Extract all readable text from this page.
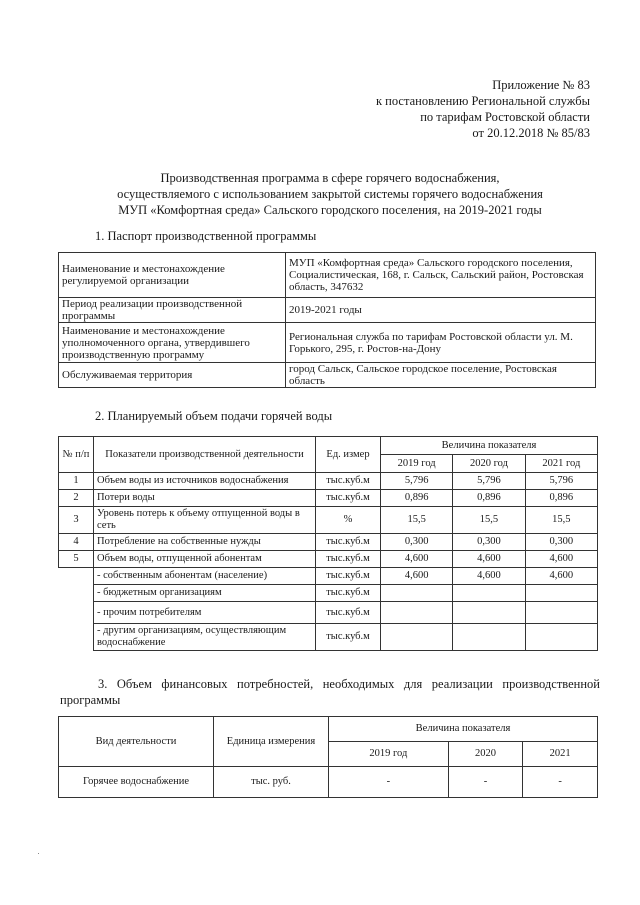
Приложение № 83
к постановлению Региональной службы
по тарифам Ростовской области
от 20.12.2018 № 85/83
Производственная программа в сфере горячего водоснабжения,
осуществляемого с использованием закрытой системы горячего водоснабжения
МУП «Комфортная среда» Сальского городского поселения, на 2019-2021 годы
1. Паспорт производственной программы
Наименование и местонахождение регулируемой организации	МУП «Комфортная среда» Сальского городского поселения, Социалистическая, 168, г. Сальск, Сальский район, Ростовская область, 347632
Период реализации производственной программы	2019-2021 годы
Наименование и местонахождение уполномоченного органа, утвердившего производственную программу	Региональная служба по тарифам Ростовской области ул. М. Горького, 295, г. Ростов-на-Дону
Обслуживаемая территория	город Сальск, Сальское городское поселение, Ростовская область
2. Планируемый объем подачи горячей воды
№ п/п	Показатели производственной деятельности	Ед. измер	Величина показателя		
			2019 год	2020 год	2021 год
1	Объем воды из источников водоснабжения	тыс.куб.м	5,796	5,796	5,796
2	Потери воды	тыс.куб.м	0,896	0,896	0,896
3	Уровень потерь к объему отпущенной воды в сеть	%	15,5	15,5	15,5
4	Потребление на собственные нужды	тыс.куб.м	0,300	0,300	0,300
5	Объем воды, отпущенной абонентам	тыс.куб.м	4,600	4,600	4,600
	- собственным абонентам (население)	тыс.куб.м	4,600	4,600	4,600
	- бюджетным организациям	тыс.куб.м			
	- прочим потребителям	тыс.куб.м			
	- другим организациям, осуществляющим водоснабжение	тыс.куб.м			
3. Объем финансовых потребностей, необходимых для реализации производственной программы
Вид деятельности	Единица измерения	Величина показателя		
		2019 год	2020	2021
Горячее водоснабжение	тыс. руб.	-	-	-
